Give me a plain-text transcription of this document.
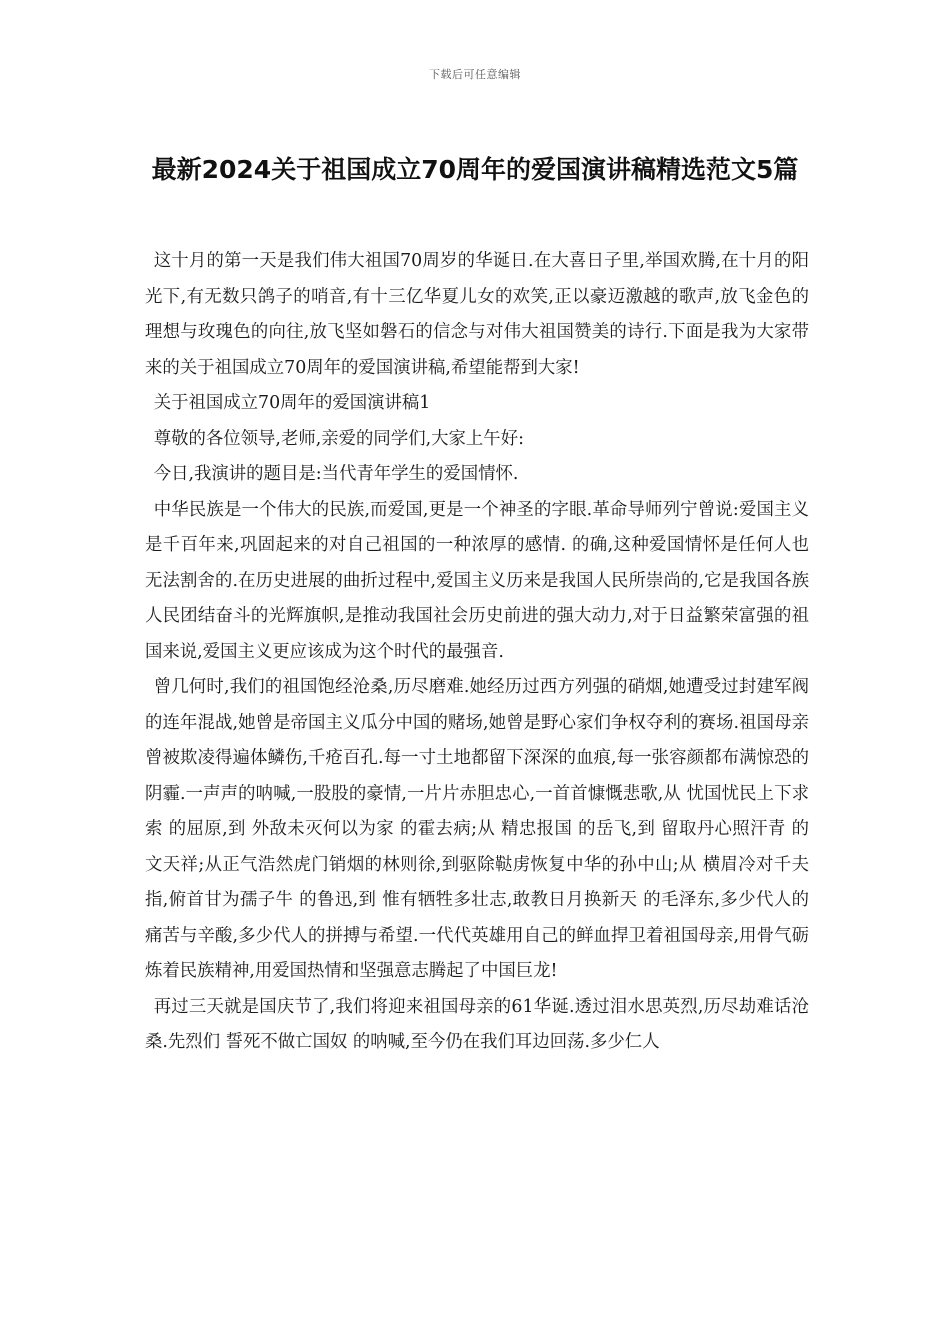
下载后可任意编辑
最新2024关于祖国成立70周年的爱国演讲稿精选范文5篇

这十月的第一天是我们伟大祖国70周岁的华诞日.在大喜日子里,举国欢腾,在十月的阳光下,有无数只鸽子的哨音,有十三亿华夏儿女的欢笑,正以豪迈激越的歌声,放飞金色的理想与玫瑰色的向往,放飞坚如磐石的信念与对伟大祖国赞美的诗行.下面是我为大家带来的关于祖国成立70周年的爱国演讲稿,希望能帮到大家!

关于祖国成立70周年的爱国演讲稿1

尊敬的各位领导,老师,亲爱的同学们,大家上午好:

今日,我演讲的题目是:当代青年学生的爱国情怀.

中华民族是一个伟大的民族,而爱国,更是一个神圣的字眼.革命导师列宁曾说:爱国主义是千百年来,巩固起来的对自己祖国的一种浓厚的感情. 的确,这种爱国情怀是任何人也无法割舍的.在历史进展的曲折过程中,爱国主义历来是我国人民所崇尚的,它是我国各族人民团结奋斗的光辉旗帜,是推动我国社会历史前进的强大动力,对于日益繁荣富强的祖国来说,爱国主义更应该成为这个时代的最强音.

曾几何时,我们的祖国饱经沧桑,历尽磨难.她经历过西方列强的硝烟,她遭受过封建军阀的连年混战,她曾是帝国主义瓜分中国的赌场,她曾是野心家们争权夺利的赛场.祖国母亲曾被欺凌得遍体鳞伤,千疮百孔.每一寸土地都留下深深的血痕,每一张容颜都布满惊恐的阴霾.一声声的呐喊,一股股的豪情,一片片赤胆忠心,一首首慷慨悲歌,从 忧国忧民上下求索 的屈原,到 外敌未灭何以为家 的霍去病;从 精忠报国 的岳飞,到 留取丹心照汗青 的文天祥;从正气浩然虎门销烟的林则徐,到驱除鞑虏恢复中华的孙中山;从 横眉冷对千夫指,俯首甘为孺子牛 的鲁迅,到 惟有牺牲多壮志,敢教日月换新天 的毛泽东,多少代人的痛苦与辛酸,多少代人的拼搏与希望.一代代英雄用自己的鲜血捍卫着祖国母亲,用骨气砺炼着民族精神,用爱国热情和坚强意志腾起了中国巨龙!

再过三天就是国庆节了,我们将迎来祖国母亲的61华诞.透过泪水思英烈,历尽劫难话沧桑.先烈们 誓死不做亡国奴 的呐喊,至今仍在我们耳边回荡.多少仁人
